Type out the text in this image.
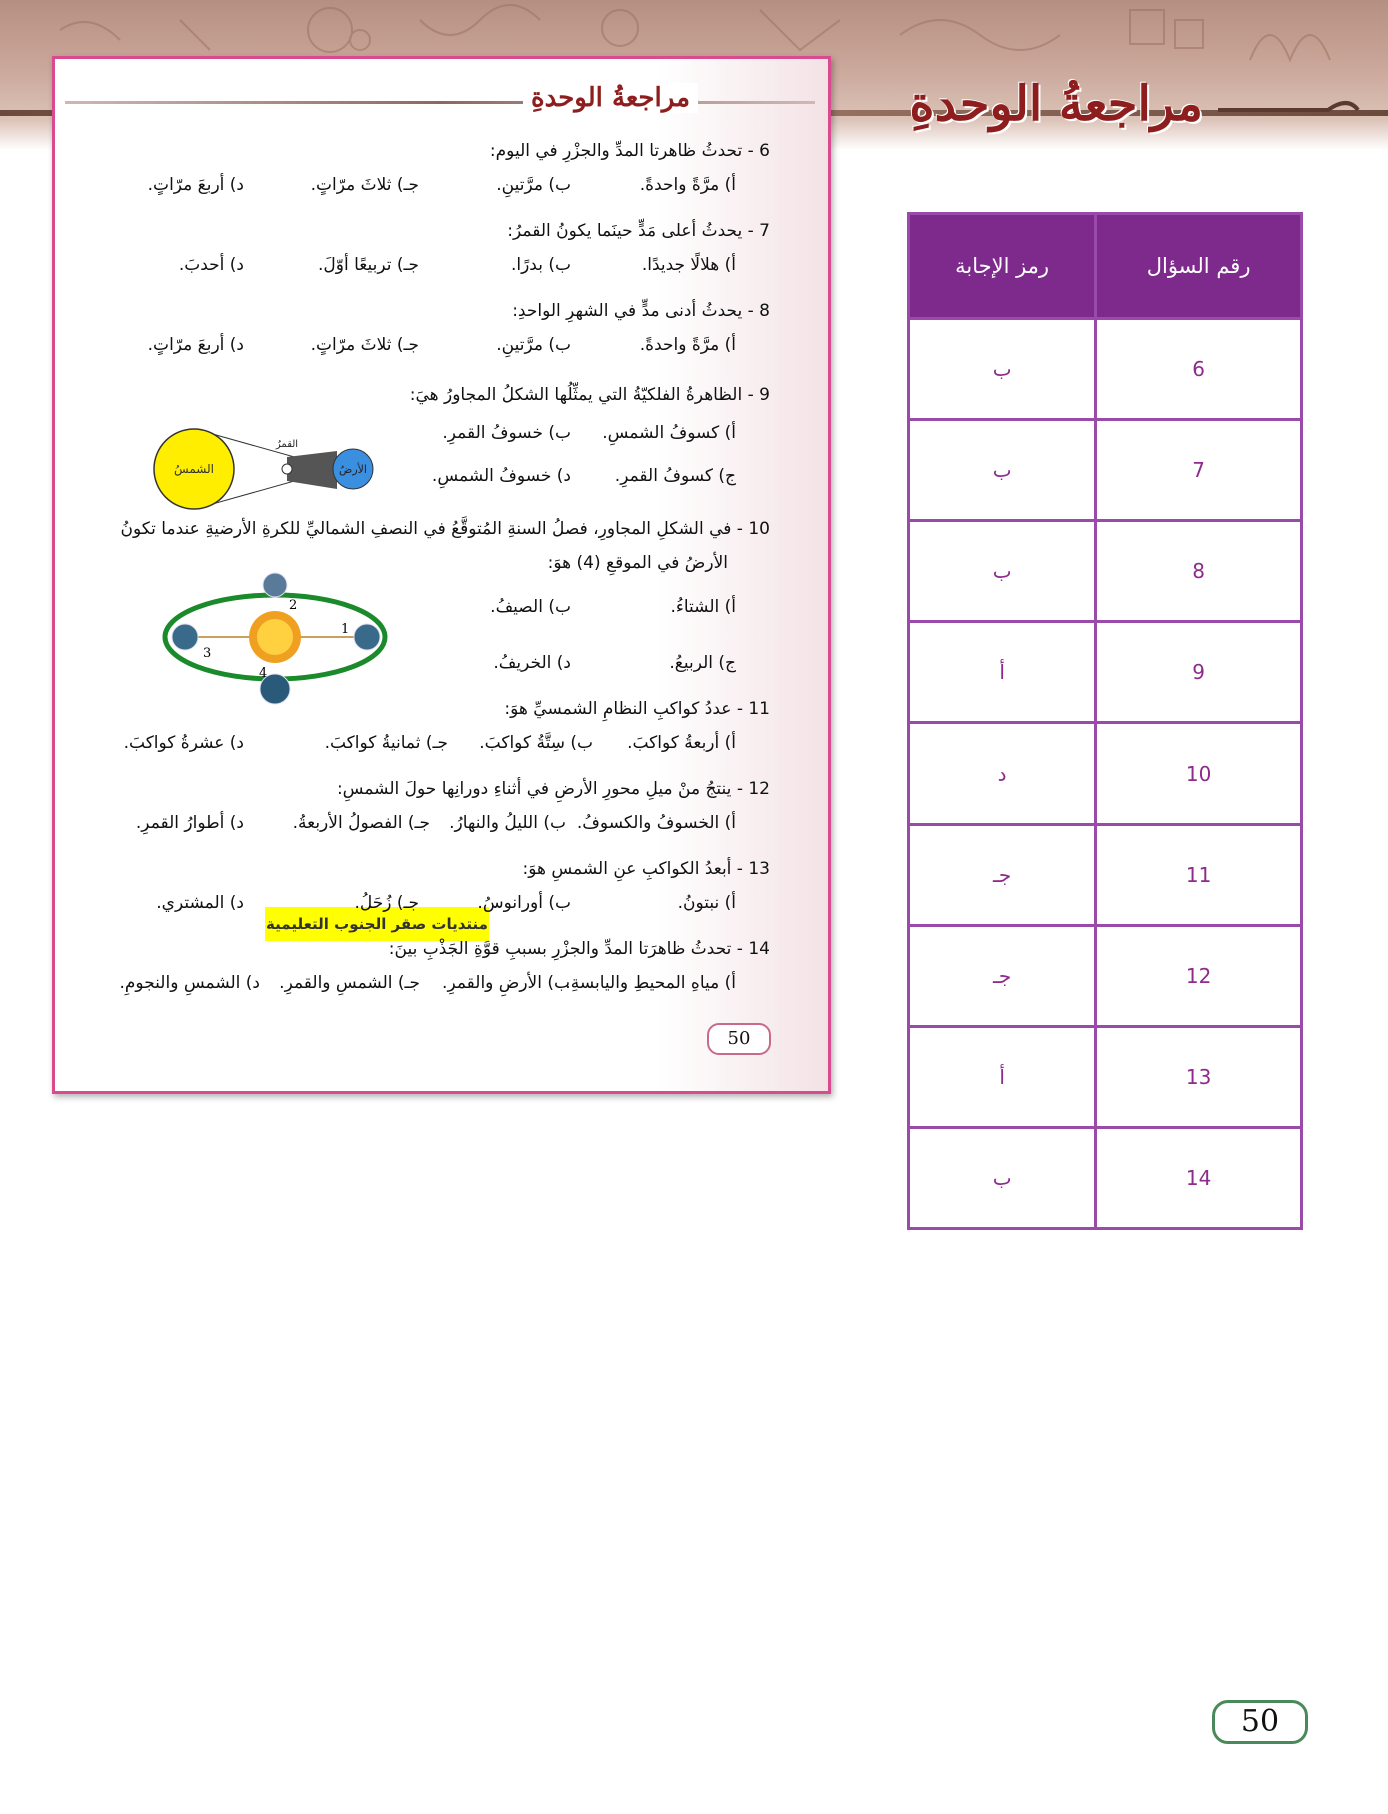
مراجعةُ الوحدةِ
مراجعةُ الوحدةِ
6 - تحدثُ ظاهرتا المدِّ والجزْرِ في اليوم:
أ) مرَّةً واحدةً.
ب) مرَّتينِ.
جـ) ثلاثَ مرّاتٍ.
د) أربعَ مرّاتٍ.
7 - يحدثُ أعلى مَدٍّ حينَما يكونُ القمرُ:
أ) هلالًا جديدًا.
ب) بدرًا.
جـ) تربيعًا أوّلَ.
د) أحدبَ.
8 - يحدثُ أدنى مدٍّ في الشهرِ الواحدِ:
أ) مرَّةً واحدةً.
ب) مرَّتينِ.
جـ) ثلاثَ مرّاتٍ.
د) أربعَ مرّاتٍ.
9 - الظاهرةُ الفلكيّةُ التي يمثِّلُها الشكلُ المجاورُ هيَ:
أ) كسوفُ الشمسِ.
ب) خسوفُ القمرِ.
ج) كسوفُ القمرِ.
د) خسوفُ الشمسِ.
الشمسُ	الأرضُ
القمرُ
10 - في الشكلِ المجاورِ، فصلُ السنةِ المُتوقَّعُ في النصفِ الشماليِّ للكرةِ الأرضيةِ عندما تكونُ
الأرضُ في الموقعِ (4) هوَ:
أ) الشتاءُ.
ب) الصيفُ.
ج) الربيعُ.
د) الخريفُ.
1
2
3
4
11 - عددُ كواكبِ النظامِ الشمسيِّ هوَ:
أ) أربعةُ كواكبَ.
ب) سِتَّةُ كواكبَ.
جـ) ثمانيةُ كواكبَ.
د) عشرةُ كواكبَ.
12 - ينتجُ منْ ميلِ محورِ الأرضِ في أثناءِ دورانِها حولَ الشمسِ:
أ) الخسوفُ والكسوفُ.
ب) الليلُ والنهارُ.
جـ) الفصولُ الأربعةُ.
د) أطوارُ القمرِ.
13 - أبعدُ الكواكبِ عنِ الشمسِ هوَ:
منتديات صقر الجنوب التعليمية
أ) نبتونُ.
ب) أورانوسُ.
جـ) زُحَلُ.
د) المشتري.
14 - تحدثُ ظاهرَتا المدِّ والجزْرِ بسببِ قوَّةِ الجَذْبِ بينَ:
أ) مياهِ المحيطِ واليابسةِ.
ب) الأرضِ والقمرِ.
جـ) الشمسِ والقمرِ.
د) الشمسِ والنجومِ.
50
رمز الإجابة	رقم السؤال
ب	6
ب	7
ب	8
أ	9
د	10
جـ	11
جـ	12
أ	13
ب	14
50
